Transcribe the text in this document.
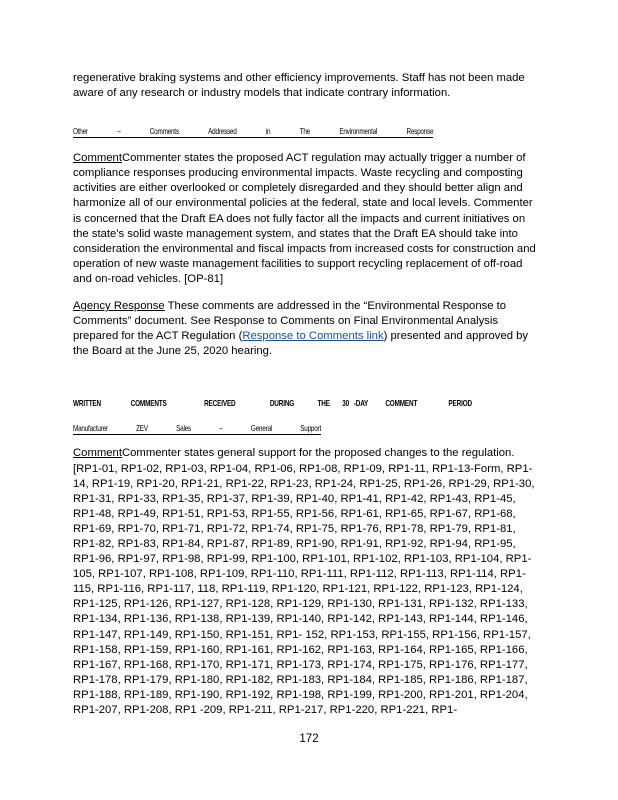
regenerative braking systems and other efficiency improvements. Staff has not been made aware of any research or industry models that indicate contrary information.

Other	–	Comments	Addressed	in	The	Environmental	Response

CommentCommenter states the proposed ACT regulation may actually trigger a number of compliance responses producing environmental impacts. Waste recycling and composting activities are either overlooked or completely disregarded and they should better align and harmonize all of our environmental policies at the federal, state and local levels. Commenter is concerned that the Draft EA does not fully factor all the impacts and current initiatives on the state's solid waste management system, and states that the Draft EA should take into consideration the environmental and fiscal impacts from increased costs for construction and operation of new waste management facilities to support recycling replacement of off-road and on-road vehicles. [OP-81]

Agency Response These comments are addressed in the “Environmental Response to Comments” document. See Response to Comments on Final Environmental Analysis prepared for the ACT Regulation (Response to Comments link) presented and approved by the Board at the June 25, 2020 hearing.

WRITTEN	COMMENTS	RECEIVED	DURING	THE 30 -DAY COMMENT	PERIOD
Manufacturer	ZEV	Sales	–	General	Support

CommentCommenter states general support for the proposed changes to the regulation. [RP1-01, RP1-02, RP1-03, RP1-04, RP1-06, RP1-08, RP1-09, RP1-11, RP1-13-Form, RP1-14, RP1-19, RP1-20, RP1-21, RP1-22, RP1-23, RP1-24, RP1-25, RP1-26, RP1-29, RP1-30, RP1-31, RP1-33, RP1-35, RP1-37, RP1-39, RP1-40, RP1-41, RP1-42, RP1-43, RP1-45, RP1-48, RP1-49, RP1-51, RP1-53, RP1-55, RP1-56, RP1-61, RP1-65, RP1-67, RP1-68, RP1-69, RP1-70, RP1-71, RP1-72, RP1-74, RP1-75, RP1-76, RP1-78, RP1-79, RP1-81, RP1-82, RP1-83, RP1-84, RP1-87, RP1-89, RP1-90, RP1-91, RP1-92, RP1-94, RP1-95, RP1-96, RP1-97, RP1-98, RP1-99, RP1-100, RP1-101, RP1-102, RP1-103, RP1-104, RP1-105, RP1-107, RP1-108, RP1-109, RP1-110, RP1-111, RP1-112, RP1-113, RP1-114, RP1-115, RP1-116, RP1-117, 118, RP1-119, RP1-120, RP1-121, RP1-122, RP1-123, RP1-124, RP1-125, RP1-126, RP1-127, RP1-128, RP1-129, RP1-130, RP1-131, RP1-132, RP1-133, RP1-134, RP1-136, RP1-138, RP1-139, RP1-140, RP1-142, RP1-143, RP1-144, RP1-146, RP1-147, RP1-149, RP1-150, RP1-151, RP1- 152, RP1-153, RP1-155, RP1-156, RP1-157, RP1-158, RP1-159, RP1-160, RP1-161, RP1-162, RP1-163, RP1-164, RP1-165, RP1-166, RP1-167, RP1-168, RP1-170, RP1-171, RP1-173, RP1-174, RP1-175, RP1-176, RP1-177, RP1-178, RP1-179, RP1-180, RP1-182, RP1-183, RP1-184, RP1-185, RP1-186, RP1-187, RP1-188, RP1-189, RP1-190, RP1-192, RP1-198, RP1-199, RP1-200, RP1-201, RP1-204, RP1-207, RP1-208, RP1 -209, RP1-211, RP1-217, RP1-220, RP1-221, RP1-

172
